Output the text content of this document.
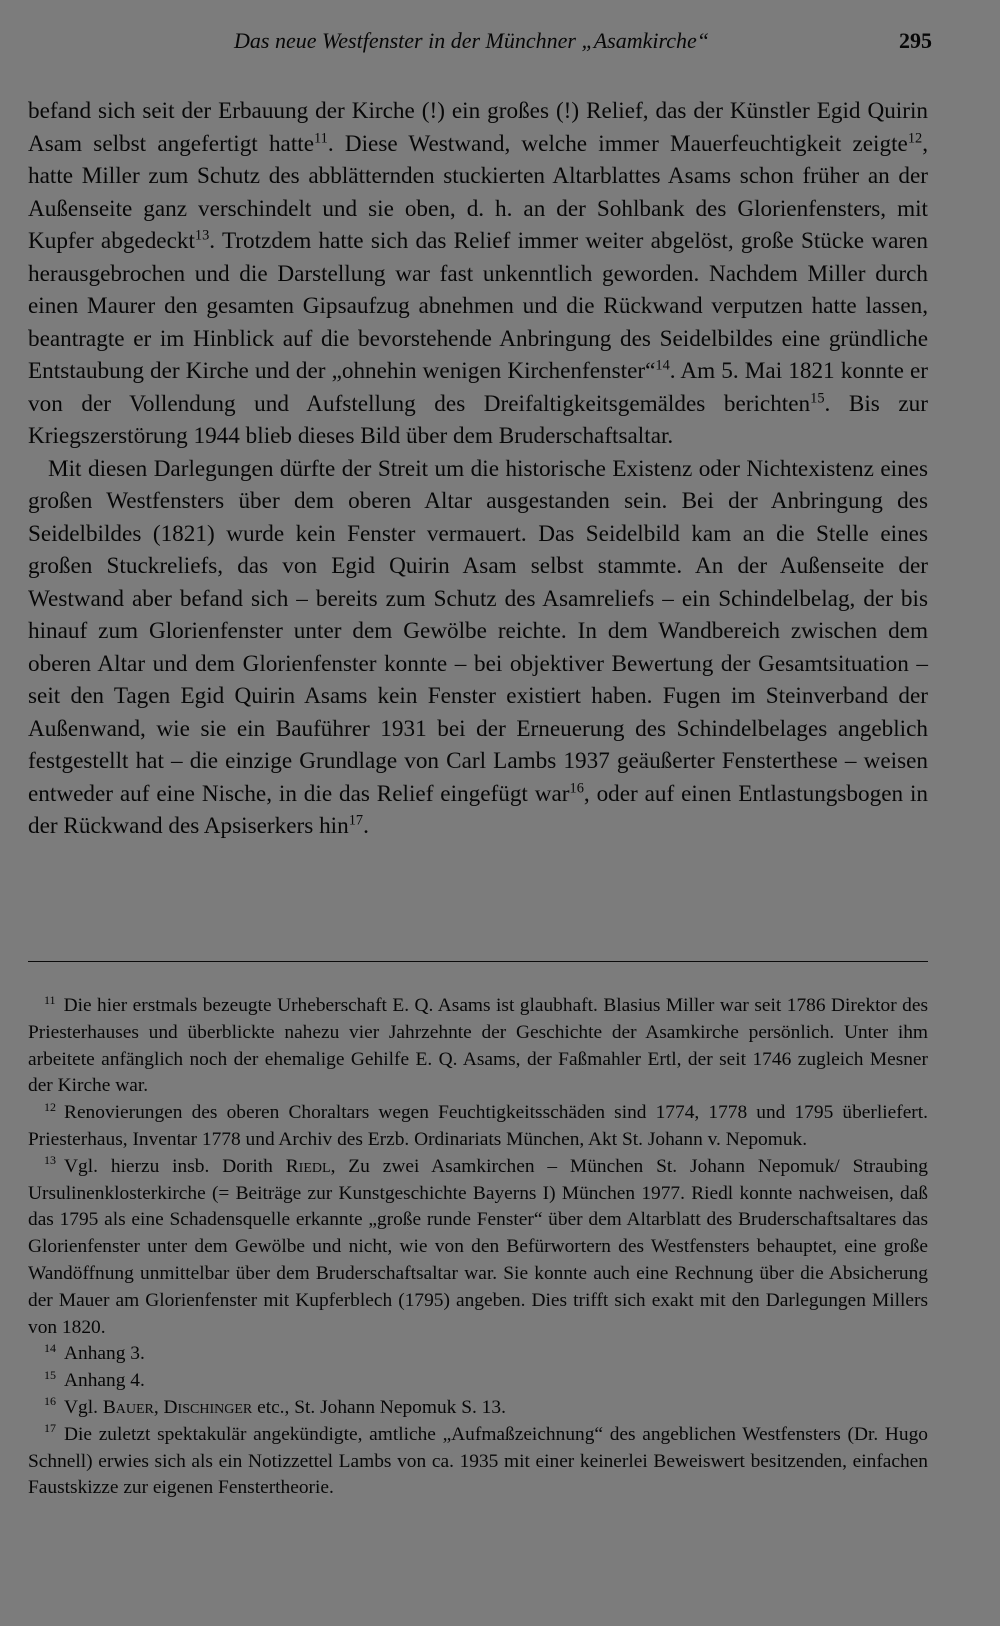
Das neue Westfenster in der Münchner „Asamkirche“	295

befand sich seit der Erbauung der Kirche (!) ein großes (!) Relief, das der Künstler Egid Quirin Asam selbst angefertigt hatte$^{11}$. Diese Westwand, welche immer Mauerfeuchtigkeit zeigte$^{12}$, hatte Miller zum Schutz des abblätternden stuckierten Altarblattes Asams schon früher an der Außenseite ganz verschindelt und sie oben, d. h. an der Sohlbank des Glorienfensters, mit Kupfer abgedeckt$^{13}$. Trotzdem hatte sich das Relief immer weiter abgelöst, große Stücke waren herausgebrochen und die Darstellung war fast unkenntlich geworden. Nachdem Miller durch einen Maurer den gesamten Gipsaufzug abnehmen und die Rückwand verputzen hatte lassen, beantragte er im Hinblick auf die bevorstehende Anbringung des Seidelbildes eine gründliche Entstaubung der Kirche und der „ohnehin wenigen Kirchenfenster“$^{14}$. Am 5. Mai 1821 konnte er von der Vollendung und Aufstellung des Dreifaltigkeitsgemäldes berichten$^{15}$. Bis zur Kriegszerstörung 1944 blieb dieses Bild über dem Bruderschaftsaltar.

Mit diesen Darlegungen dürfte der Streit um die historische Existenz oder Nichtexistenz eines großen Westfensters über dem oberen Altar ausgestanden sein. Bei der Anbringung des Seidelbildes (1821) wurde kein Fenster vermauert. Das Seidelbild kam an die Stelle eines großen Stuckreliefs, das von Egid Quirin Asam selbst stammte. An der Außenseite der Westwand aber befand sich – bereits zum Schutz des Asamreliefs – ein Schindelbelag, der bis hinauf zum Glorienfenster unter dem Gewölbe reichte. In dem Wandbereich zwischen dem oberen Altar und dem Glorienfenster konnte – bei objektiver Bewertung der Gesamtsituation – seit den Tagen Egid Quirin Asams kein Fenster existiert haben. Fugen im Steinverband der Außenwand, wie sie ein Bauführer 1931 bei der Erneuerung des Schindelbelages angeblich festgestellt hat – die einzige Grundlage von Carl Lambs 1937 geäußerter Fensterthese – weisen entweder auf eine Nische, in die das Relief eingefügt war$^{16}$, oder auf einen Entlastungsbogen in der Rückwand des Apsiserkers hin$^{17}$.

$^{11}$ Die hier erstmals bezeugte Urheberschaft E. Q. Asams ist glaubhaft. Blasius Miller war seit 1786 Direktor des Priesterhauses und überblickte nahezu vier Jahrzehnte der Geschichte der Asamkirche persönlich. Unter ihm arbeitete anfänglich noch der ehemalige Gehilfe E. Q. Asams, der Faßmahler Ertl, der seit 1746 zugleich Mesner der Kirche war.

$^{12}$ Renovierungen des oberen Choraltars wegen Feuchtigkeitsschäden sind 1774, 1778 und 1795 überliefert. Priesterhaus, Inventar 1778 und Archiv des Erzb. Ordinariats München, Akt St. Johann v. Nepomuk.

$^{13}$ Vgl. hierzu insb. Dorith Riedl, Zu zwei Asamkirchen – München St. Johann Nepomuk/ Straubing Ursulinenklosterkirche (= Beiträge zur Kunstgeschichte Bayerns I) München 1977. Riedl konnte nachweisen, daß das 1795 als eine Schadensquelle erkannte „große runde Fenster“ über dem Altarblatt des Bruderschaftsaltares das Glorienfenster unter dem Gewölbe und nicht, wie von den Befürwortern des Westfensters behauptet, eine große Wandöffnung unmittelbar über dem Bruderschaftsaltar war. Sie konnte auch eine Rechnung über die Absicherung der Mauer am Glorienfenster mit Kupferblech (1795) angeben. Dies trifft sich exakt mit den Darlegungen Millers von 1820.

$^{14}$ Anhang 3.

$^{15}$ Anhang 4.

$^{16}$ Vgl. Bauer, Dischinger etc., St. Johann Nepomuk S. 13.

$^{17}$ Die zuletzt spektakulär angekündigte, amtliche „Aufmaßzeichnung“ des angeblichen Westfensters (Dr. Hugo Schnell) erwies sich als ein Notizzettel Lambs von ca. 1935 mit einer keinerlei Beweiswert besitzenden, einfachen Faustskizze zur eigenen Fenstertheorie.
